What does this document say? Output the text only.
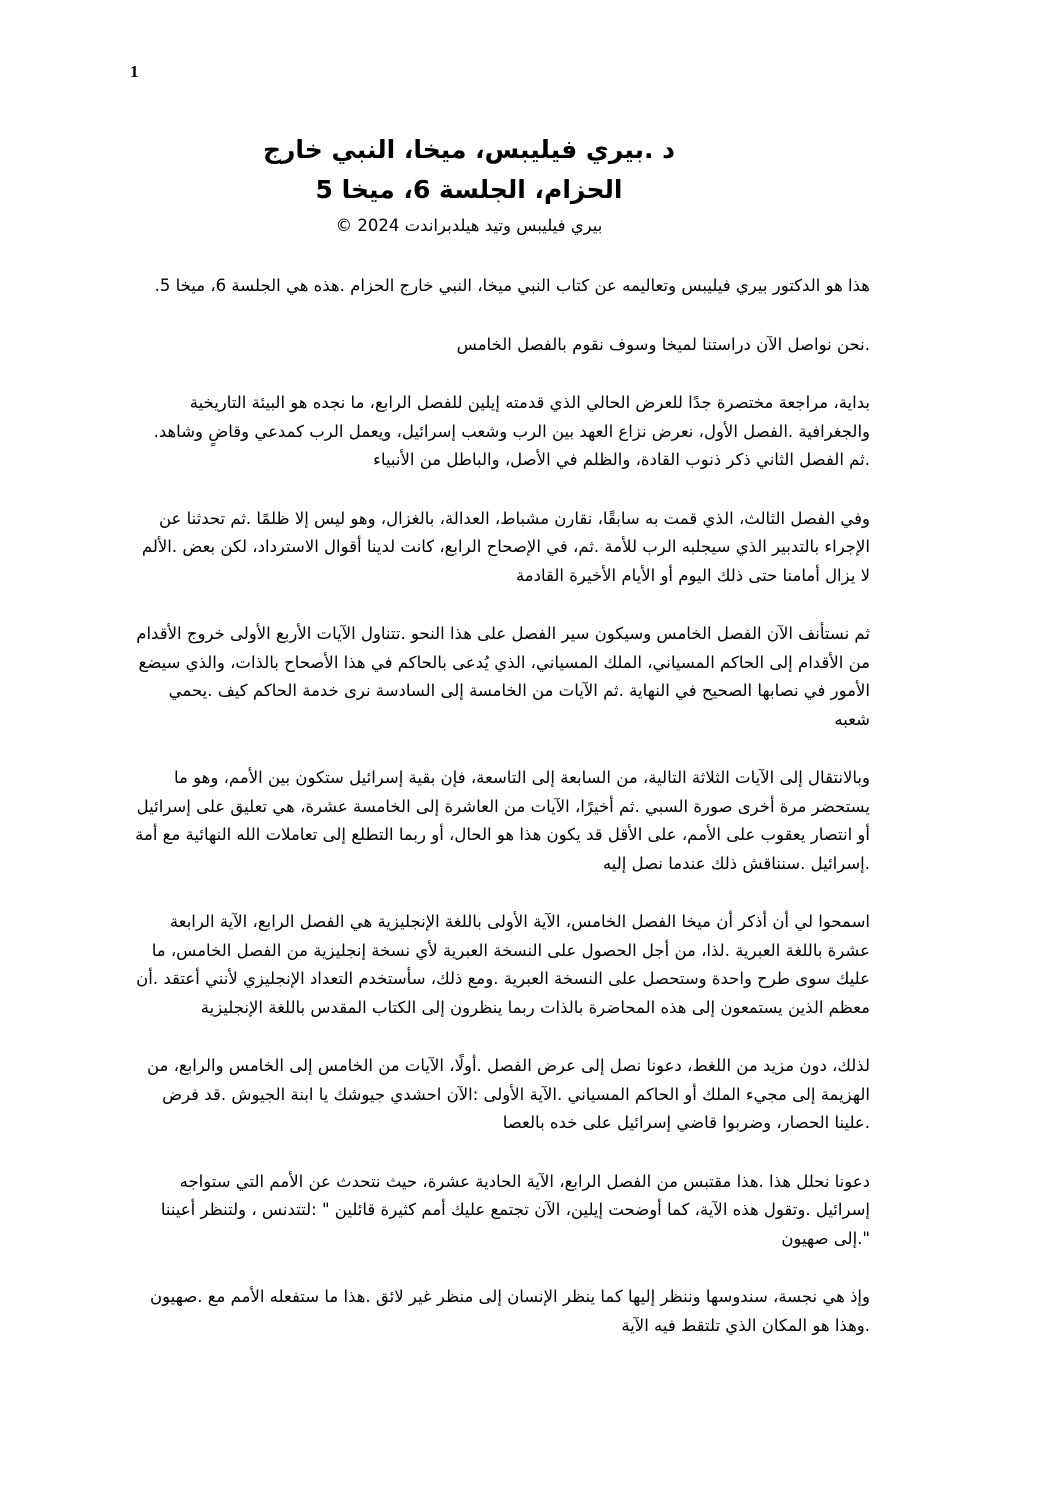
1

د .بيري فيليبس، ميخا، النبي خارج

الحزام، الجلسة 6، ميخا 5

بيري فيليبس وتيد هيلدبراندت 2024 ©

هذا هو الدكتور بيري فيليبس وتعاليمه عن كتاب النبي ميخا، النبي خارج الحزام .هذه هي الجلسة 6، ميخا 5.

.نحن نواصل الآن دراستنا لميخا وسوف نقوم بالفصل الخامس

بداية، مراجعة مختصرة جدًا للعرض الحالي الذي قدمته إيلين للفصل الرابع، ما نجده هو البيئة التاريخية والجغرافية .الفصل الأول، نعرض نزاع العهد بين الرب وشعب إسرائيل، ويعمل الرب كمدعي وقاضٍ وشاهد. .ثم الفصل الثاني ذكر ذنوب القادة، والظلم في الأصل، والباطل من الأنبياء

وفي الفصل الثالث، الذي قمت به سابقًا، نقارن مشباط، العدالة، بالغزال، وهو ليس إلا ظلمًا .ثم تحدثنا عن الإجراء بالتدبير الذي سيجلبه الرب للأمة .ثم، في الإصحاح الرابع، كانت لدينا أقوال الاسترداد، لكن بعض .الألم لا يزال أمامنا حتى ذلك اليوم أو الأيام الأخيرة القادمة

ثم نستأنف الآن الفصل الخامس وسيكون سير الفصل على هذا النحو .تتناول الآيات الأربع الأولى خروج الأقدام من الأقدام إلى الحاكم المسياني، الملك المسياني، الذي يُدعى بالحاكم في هذا الأصحاح بالذات، والذي سيضع الأمور في نصابها الصحيح في النهاية .ثم الآيات من الخامسة إلى السادسة نرى خدمة الحاكم كيف .يحمي شعبه

وبالانتقال إلى الآيات الثلاثة التالية، من السابعة إلى التاسعة، فإن بقية إسرائيل ستكون بين الأمم، وهو ما يستحضر مرة أخرى صورة السبي .ثم أخيرًا، الآيات من العاشرة إلى الخامسة عشرة، هي تعليق على إسرائيل أو انتصار يعقوب على الأمم، على الأقل قد يكون هذا هو الحال، أو ربما التطلع إلى تعاملات الله النهائية مع أمة .إسرائيل .سنناقش ذلك عندما نصل إليه

اسمحوا لي أن أذكر أن ميخا الفصل الخامس، الآية الأولى باللغة الإنجليزية هي الفصل الرابع، الآية الرابعة عشرة باللغة العبرية .لذا، من أجل الحصول على النسخة العبرية لأي نسخة إنجليزية من الفصل الخامس، ما عليك سوى طرح واحدة وستحصل على النسخة العبرية .ومع ذلك، سأستخدم التعداد الإنجليزي لأنني أعتقد .أن معظم الذين يستمعون إلى هذه المحاضرة بالذات ربما ينظرون إلى الكتاب المقدس باللغة الإنجليزية

لذلك، دون مزيد من اللغط، دعونا نصل إلى عرض الفصل .أولًا، الآيات من الخامس إلى الخامس والرابع، من الهزيمة إلى مجيء الملك أو الحاكم المسياني .الآية الأولى :الآن احشدي جيوشك يا ابنة الجيوش .قد فرض .علينا الحصار، وضربوا قاضي إسرائيل على خده بالعصا

دعونا نحلل هذا .هذا مقتبس من الفصل الرابع، الآية الحادية عشرة، حيث نتحدث عن الأمم التي ستواجه إسرائيل .وتقول هذه الآية، كما أوضحت إيلين، الآن تجتمع عليك أمم كثيرة قائلين " :لتتدنس ، ولتنظر أعيننا ".إلى صهيون

وإذ هي نجسة، سندوسها وننظر إليها كما ينظر الإنسان إلى منظر غير لائق .هذا ما ستفعله الأمم مع .صهيون .وهذا هو المكان الذي تلتقط فيه الآية
